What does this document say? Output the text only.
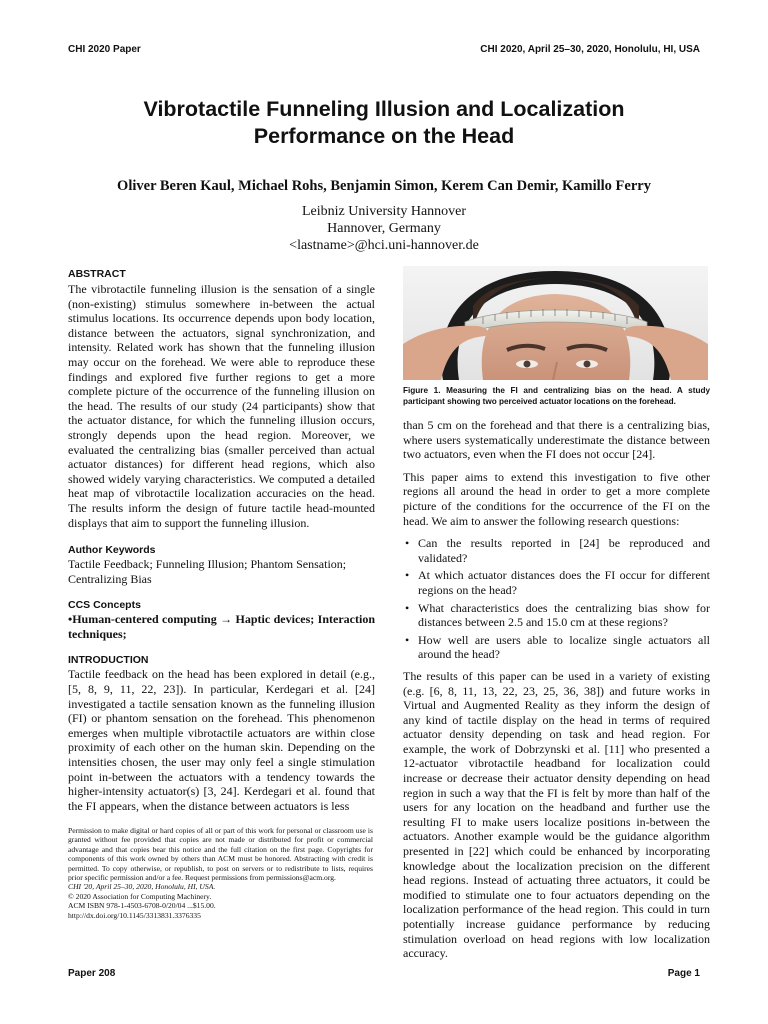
CHI 2020 Paper	CHI 2020, April 25–30, 2020, Honolulu, HI, USA
Vibrotactile Funneling Illusion and Localization
Performance on the Head
Oliver Beren Kaul, Michael Rohs, Benjamin Simon, Kerem Can Demir, Kamillo Ferry
Leibniz University Hannover
Hannover, Germany
<lastname>@hci.uni-hannover.de
ABSTRACT
The vibrotactile funneling illusion is the sensation of a single (non-existing) stimulus somewhere in-between the actual stimulus locations. Its occurrence depends upon body location, distance between the actuators, signal synchronization, and intensity. Related work has shown that the funneling illusion may occur on the forehead. We were able to reproduce these findings and explored five further regions to get a more complete picture of the occurrence of the funneling illusion on the head. The results of our study (24 participants) show that the actuator distance, for which the funneling illusion occurs, strongly depends upon the head region. Moreover, we evaluated the centralizing bias (smaller perceived than actual actuator distances) for different head regions, which also showed widely varying characteristics. We computed a detailed heat map of vibrotactile localization accuracies on the head. The results inform the design of future tactile head-mounted displays that aim to support the funneling illusion.
Author Keywords
Tactile Feedback; Funneling Illusion; Phantom Sensation; Centralizing Bias
CCS Concepts
•Human-centered computing → Haptic devices; Interaction techniques;
INTRODUCTION
Tactile feedback on the head has been explored in detail (e.g., [5, 8, 9, 11, 22, 23]). In particular, Kerdegari et al. [24] investigated a tactile sensation known as the funneling illusion (FI) or phantom sensation on the forehead. This phenomenon emerges when multiple vibrotactile actuators are within close proximity of each other on the human skin. Depending on the intensities chosen, the user may only feel a single stimulation point in-between the actuators with a tendency towards the higher-intensity actuator(s) [3, 24]. Kerdegari et al. found that the FI appears, when the distance between actuators is less
Permission to make digital or hard copies of all or part of this work for personal or classroom use is granted without fee provided that copies are not made or distributed for profit or commercial advantage and that copies bear this notice and the full citation on the first page. Copyrights for components of this work owned by others than ACM must be honored. Abstracting with credit is permitted. To copy otherwise, or republish, to post on servers or to redistribute to lists, requires prior specific permission and/or a fee. Request permissions from permissions@acm.org.
CHI '20, April 25–30, 2020, Honolulu, HI, USA.
© 2020 Association for Computing Machinery.
ACM ISBN 978-1-4503-6708-0/20/04 ...$15.00.
http://dx.doi.org/10.1145/3313831.3376335
Figure 1. Measuring the FI and centralizing bias on the head. A study participant showing two perceived actuator locations on the forehead.
than 5 cm on the forehead and that there is a centralizing bias, where users systematically underestimate the distance between two actuators, even when the FI does not occur [24].
This paper aims to extend this investigation to five other regions all around the head in order to get a more complete picture of the conditions for the occurrence of the FI on the head. We aim to answer the following research questions:
• Can the results reported in [24] be reproduced and validated?
• At which actuator distances does the FI occur for different regions on the head?
• What characteristics does the centralizing bias show for distances between 2.5 and 15.0 cm at these regions?
• How well are users able to localize single actuators all around the head?
The results of this paper can be used in a variety of existing (e.g. [6, 8, 11, 13, 22, 23, 25, 36, 38]) and future works in Virtual and Augmented Reality as they inform the design of any kind of tactile display on the head in terms of required actuator density depending on task and head region. For example, the work of Dobrzynski et al. [11] who presented a 12-actuator vibrotactile headband for localization could increase or decrease their actuator density depending on head region in such a way that the FI is felt by more than half of the users for any location on the headband and further use the resulting FI to make users localize positions in-between the actuators. Another example would be the guidance algorithm presented in [22] which could be enhanced by incorporating knowledge about the localization precision on the different head regions. Instead of actuating three actuators, it could be modified to stimulate one to four actuators depending on the localization performance of the head region. This could in turn potentially increase guidance performance by reducing stimulation overload on head regions with low localization accuracy.
Paper 208	Page 1
